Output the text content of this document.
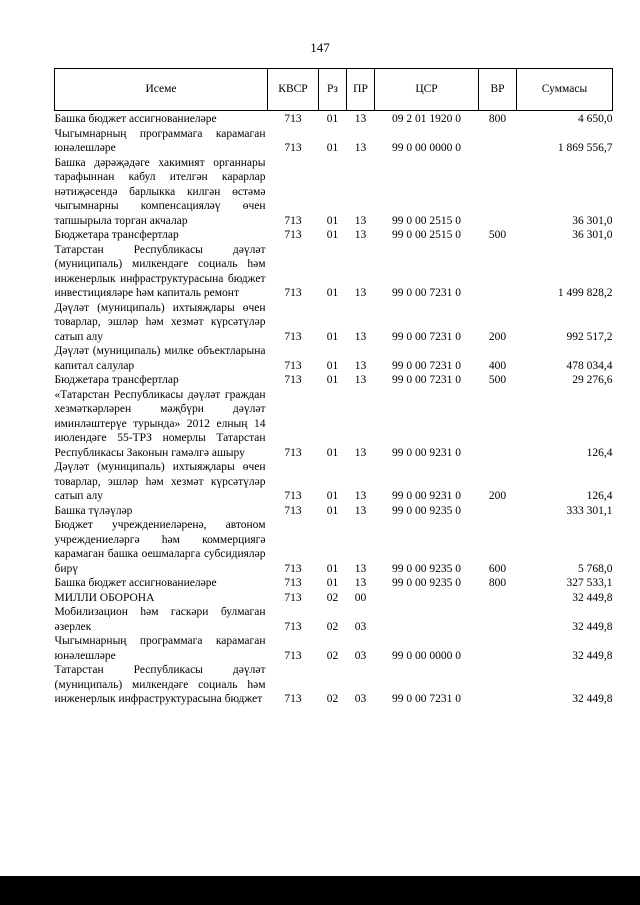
147
Исеме	КВСР	Рз	ПР	ЦСР	ВР	Суммасы
Башка бюджет ассигнованиеләре	713	01	13	09 2 01 1920 0	800	4 650,0
Чыгымнарның программага карамаган юнәлешләре	713	01	13	99 0 00 0000 0		1 869 556,7
Башка дәрәҗәдәге хакимият органнары тарафыннан кабул ителгән карарлар нәтиҗәсендә барлыкка килгән өстәмә чыгымнарны компенсацияләү өчен тапшырыла торган акчалар	713	01	13	99 0 00 2515 0		36 301,0
Бюджетара трансфертлар	713	01	13	99 0 00 2515 0	500	36 301,0
Татарстан Республикасы дәүләт (муниципаль) милкендәге социаль һәм инженерлык инфраструктурасына бюджет инвестицияләре һәм капиталь ремонт	713	01	13	99 0 00 7231 0		1 499 828,2
Дәүләт (муниципаль) ихтыяҗлары өчен товарлар, эшләр һәм хезмәт күрсәтүләр сатып алу	713	01	13	99 0 00 7231 0	200	992 517,2
Дәүләт (муниципаль) милке объектларына капитал салулар	713	01	13	99 0 00 7231 0	400	478 034,4
Бюджетара трансфертлар	713	01	13	99 0 00 7231 0	500	29 276,6
«Татарстан Республикасы дәүләт граждан хезмәткәрләрен мәҗбүри дәүләт иминләштерүе турында» 2012 елның 14 июлендәге 55-ТРЗ номерлы Татарстан Республикасы Законын гамәлгә ашыру	713	01	13	99 0 00 9231 0		126,4
Дәүләт (муниципаль) ихтыяҗлары өчен товарлар, эшләр һәм хезмәт күрсәтүләр сатып алу	713	01	13	99 0 00 9231 0	200	126,4
Башка түләүләр	713	01	13	99 0 00 9235 0		333 301,1
Бюджет учреждениеләренә, автоном учреждениеләргә һәм коммерциягә карамаган башка оешмаларга субсидияләр бирү	713	01	13	99 0 00 9235 0	600	5 768,0
Башка бюджет ассигнованиеләре	713	01	13	99 0 00 9235 0	800	327 533,1
МИЛЛИ ОБОРОНА	713	02	00			32 449,8
Мобилизацион һәм гаскәри булмаган әзерлек	713	02	03			32 449,8
Чыгымнарның программага карамаган юнәлешләре	713	02	03	99 0 00 0000 0		32 449,8
Татарстан Республикасы дәүләт (муниципаль) милкендәге социаль һәм инженерлык инфраструктурасына бюджет	713	02	03	99 0 00 7231 0		32 449,8
